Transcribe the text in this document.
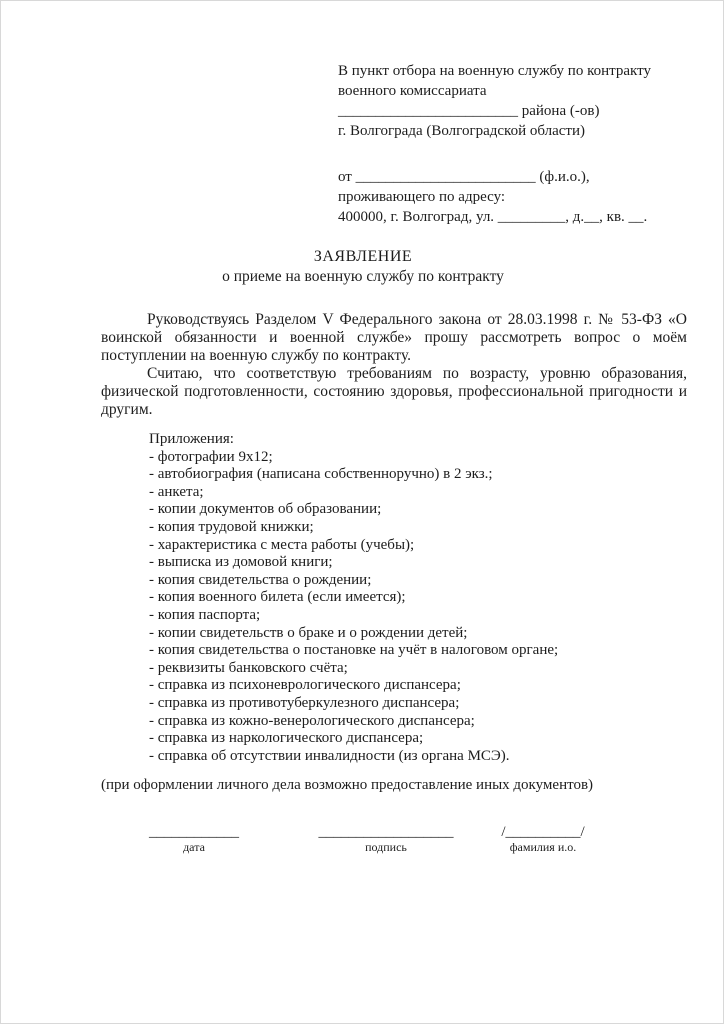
В пункт отбора на военную службу по контракту
военного комиссариата
________________________ района (-ов)
г. Волгограда (Волгоградской области)
от ________________________ (ф.и.о.),
проживающего по адресу:
400000, г. Волгоград, ул. _________, д.__, кв. __.
ЗАЯВЛЕНИЕ
о приеме на военную службу по контракту

Руководствуясь Разделом V Федерального закона от 28.03.1998 г. № 53-ФЗ «О воинской обязанности и военной службе» прошу рассмотреть вопрос о моём поступлении на военную службу по контракту.

Считаю, что соответствую требованиям по возрасту, уровню образования, физической подготовленности, состоянию здоровья, профессиональной пригодности и другим.

Приложения:
- фотографии 9х12;
- автобиография (написана собственноручно) в 2 экз.;
- анкета;
- копии документов об образовании;
- копия трудовой книжки;
- характеристика с места работы (учебы);
- выписка из домовой книги;
- копия свидетельства о рождении;
- копия военного билета (если имеется);
- копия паспорта;
- копии свидетельств о браке и о рождении детей;
- копия свидетельства о постановке на учёт в налоговом органе;
- реквизиты банковского счёта;
- справка из психоневрологического диспансера;
- справка из противотуберкулезного диспансера;
- справка из кожно-венерологического диспансера;
- справка из наркологического диспансера;
- справка об отсутствии инвалидности (из органа МСЭ).
(при оформлении личного дела возможно предоставление иных документов)
____________
дата
__________________
подпись
/__________/
фамилия и.о.
